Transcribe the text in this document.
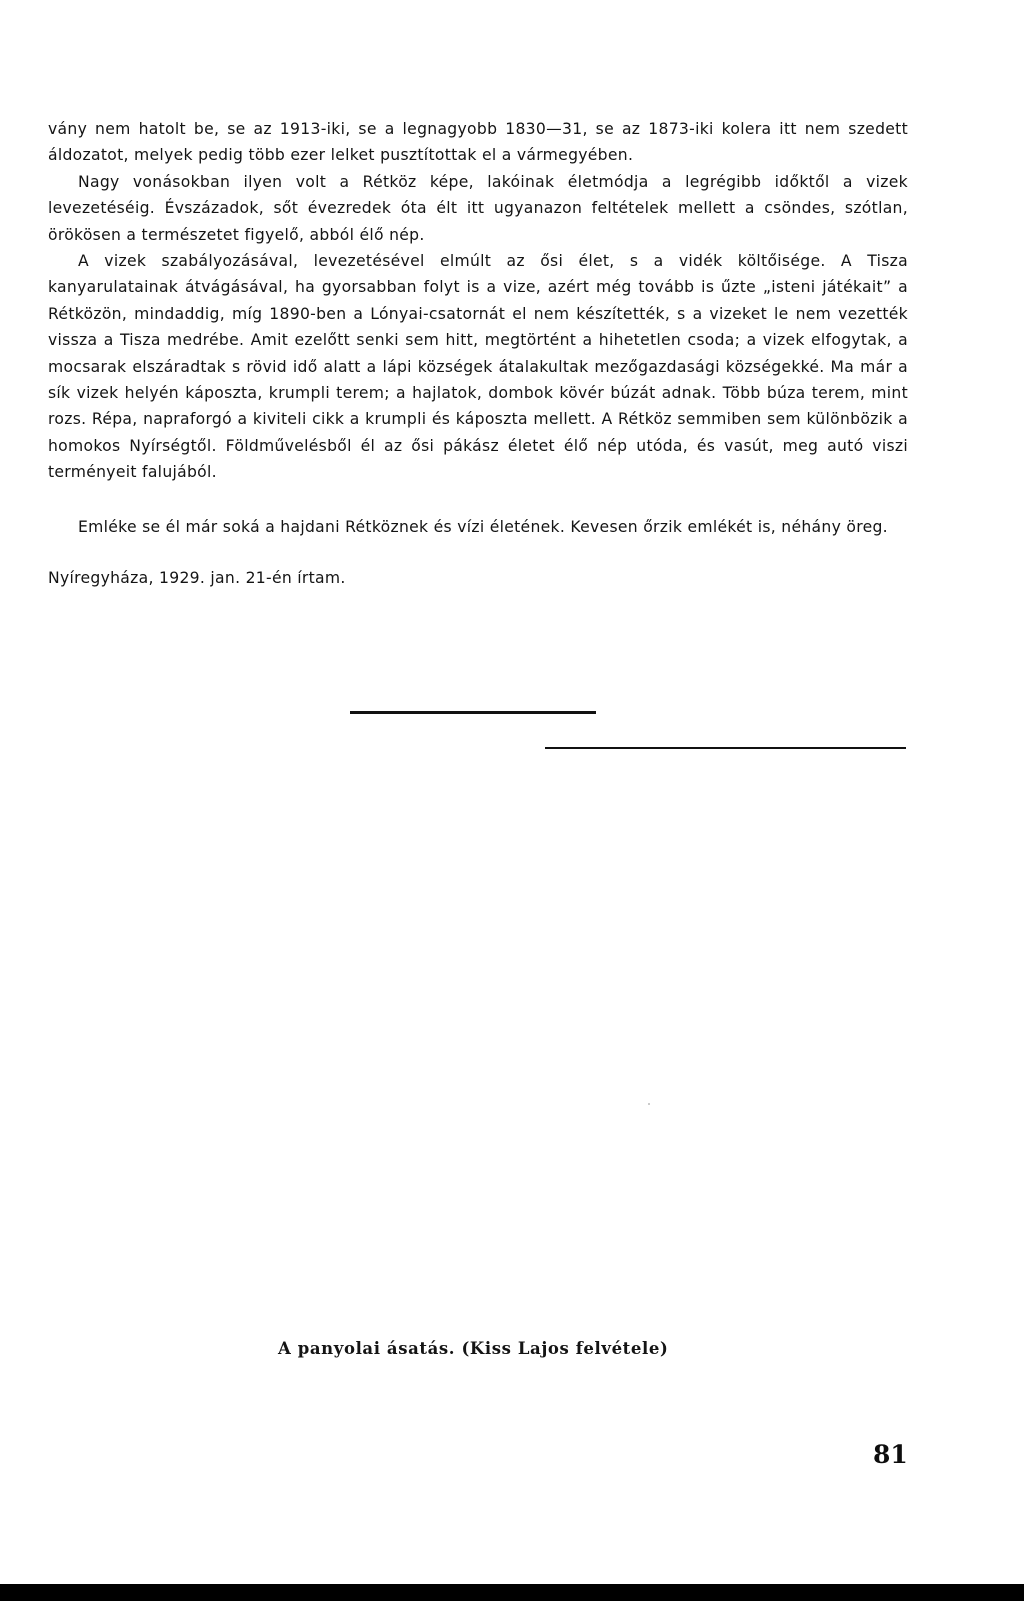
vány nem hatolt be, se az 1913-iki, se a legnagyobb 1830—31, se az 1873-iki kolera itt nem szedett áldozatot, melyek pedig több ezer lelket pusztítottak el a vármegyében.

Nagy vonásokban ilyen volt a Rétköz képe, lakóinak életmódja a legrégibb időktől a vizek levezetéséig. Évszázadok, sőt évezredek óta élt itt ugyanazon feltételek mellett a csöndes, szótlan, örökösen a természetet figyelő, abból élő nép.

A vizek szabályozásával, levezetésével elmúlt az ősi élet, s a vidék költőisége. A Tisza kanyarulatainak átvágásával, ha gyorsabban folyt is a vize, azért még tovább is űzte „isteni játékait” a Rétközön, mindaddig, míg 1890-ben a Lónyai-csatornát el nem készítették, s a vizeket le nem vezették vissza a Tisza medrébe. Amit ezelőtt senki sem hitt, megtörtént a hihetetlen csoda; a vizek elfogytak, a mocsarak elszáradtak s rövid idő alatt a lápi községek átalakultak mezőgazdasági községekké. Ma már a sík vizek helyén káposzta, krumpli terem; a hajlatok, dombok kövér búzát adnak. Több búza terem, mint rozs. Répa, napraforgó a kiviteli cikk a krumpli és káposzta mellett. A Rétköz semmiben sem különbözik a homokos Nyírségtől. Földművelésből él az ősi pákász életet élő nép utóda, és vasút, meg autó viszi terményeit falujából.

Emléke se él már soká a hajdani Rétköznek és vízi életének. Kevesen őrzik emlékét is, néhány öreg.

Nyíregyháza, 1929. jan. 21-én írtam.

A panyolai ásatás. (Kiss Lajos felvétele)
81
